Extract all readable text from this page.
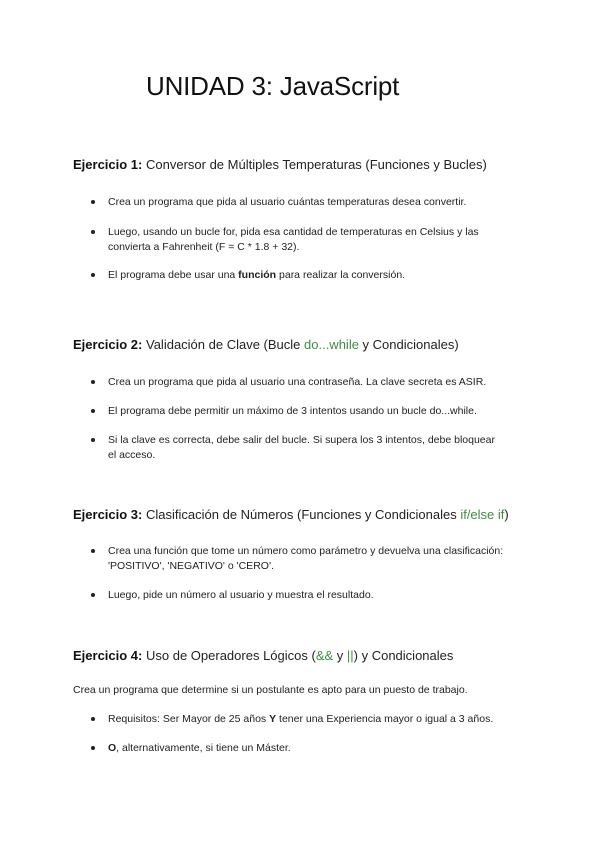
UNIDAD 3: JavaScript

Ejercicio 1: Conversor de Múltiples Temperaturas (Funciones y Bucles)

Crea un programa que pida al usuario cuántas temperaturas desea convertir.
Luego, usando un bucle for, pida esa cantidad de temperaturas en Celsius y las
convierta a Fahrenheit (F = C * 1.8 + 32).
El programa debe usar una función para realizar la conversión.

Ejercicio 2: Validación de Clave (Bucle do...while y Condicionales)

Crea un programa que pida al usuario una contraseña. La clave secreta es ASIR.
El programa debe permitir un máximo de 3 intentos usando un bucle do...while.
Si la clave es correcta, debe salir del bucle. Si supera los 3 intentos, debe bloquear
el acceso.

Ejercicio 3: Clasificación de Números (Funciones y Condicionales if/else if)

Crea una función que tome un número como parámetro y devuelva una clasificación:
'POSITIVO', 'NEGATIVO' o 'CERO'.
Luego, pide un número al usuario y muestra el resultado.

Ejercicio 4: Uso de Operadores Lógicos (&& y ||) y Condicionales

Crea un programa que determine si un postulante es apto para un puesto de trabajo.

Requisitos: Ser Mayor de 25 años Y tener una Experiencia mayor o igual a 3 años.
O, alternativamente, si tiene un Máster.
